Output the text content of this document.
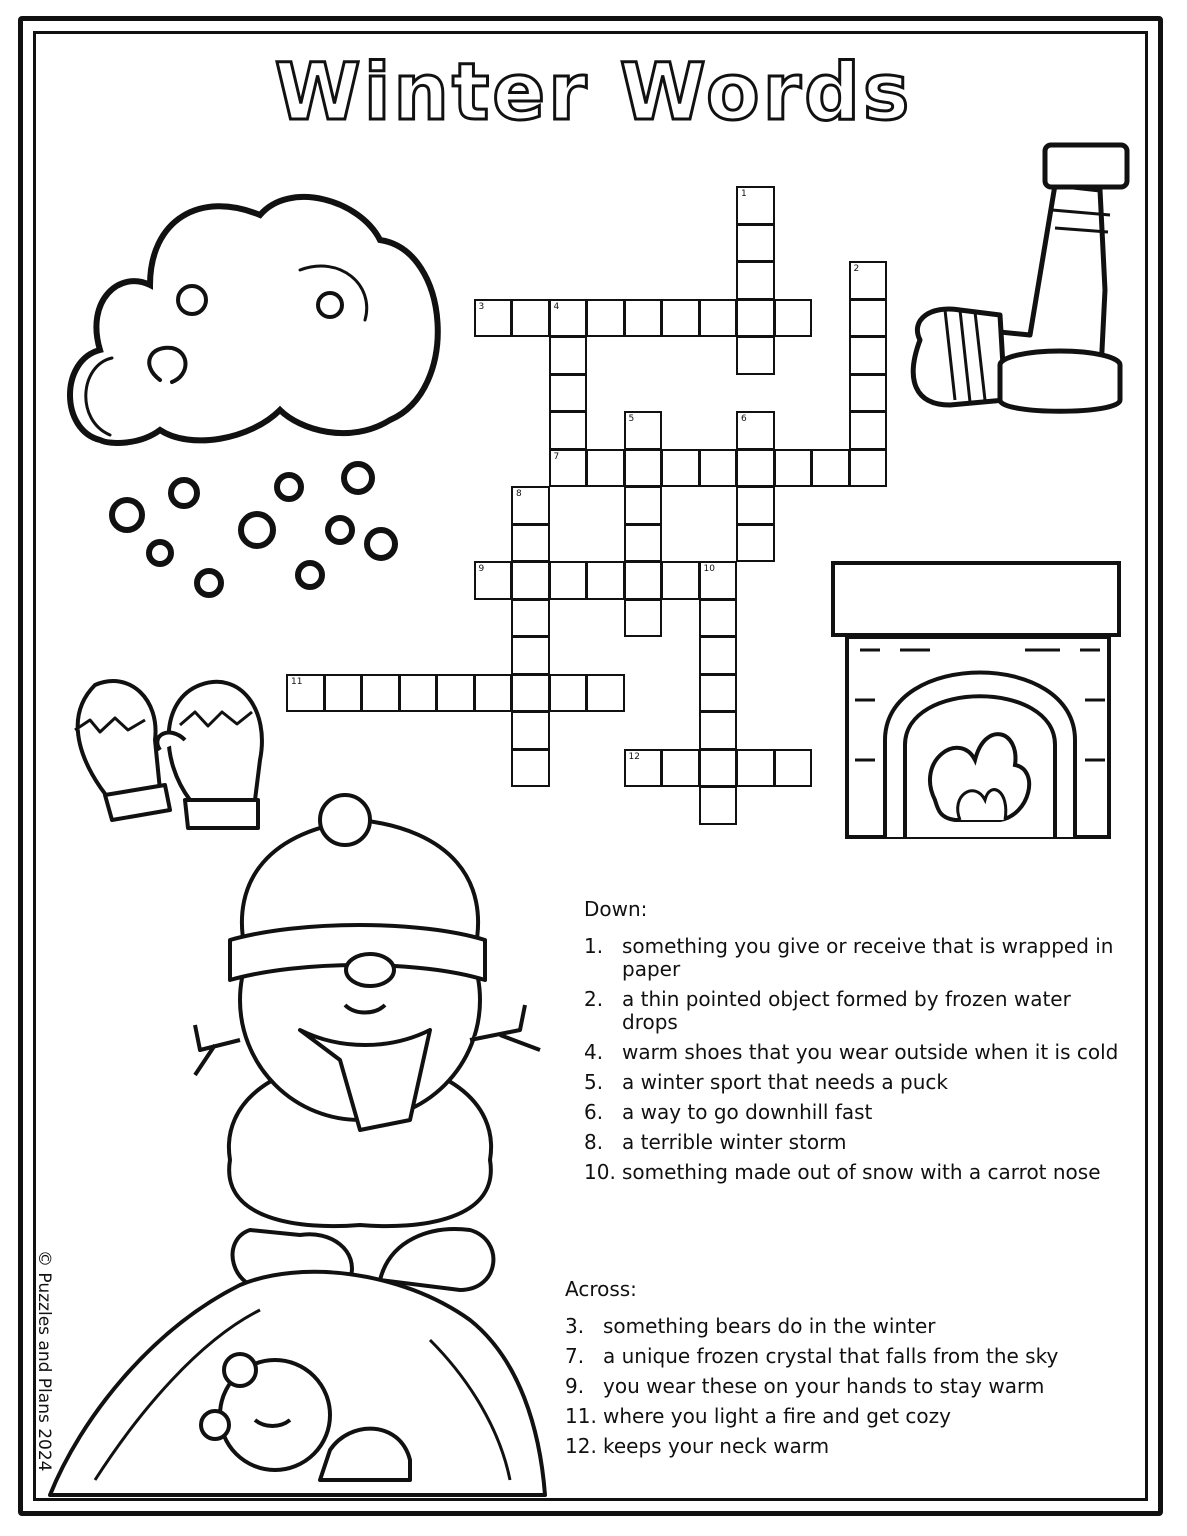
Winter Words
1
2
3	4
7
5	6
8
9	10
11
12
Down:
1. something you give or receive that is wrapped in paper
2. a thin pointed object formed by frozen water drops
4. warm shoes that you wear outside when it is cold
5. a winter sport that needs a puck
6. a way to go downhill fast
8. a terrible winter storm
10. something made out of snow with a carrot nose
Across:
3. something bears do in the winter
7. a unique frozen crystal that falls from the sky
9. you wear these on your hands to stay warm
11. where you light a fire and get cozy
12. keeps your neck warm
© Puzzles and Plans 2024
